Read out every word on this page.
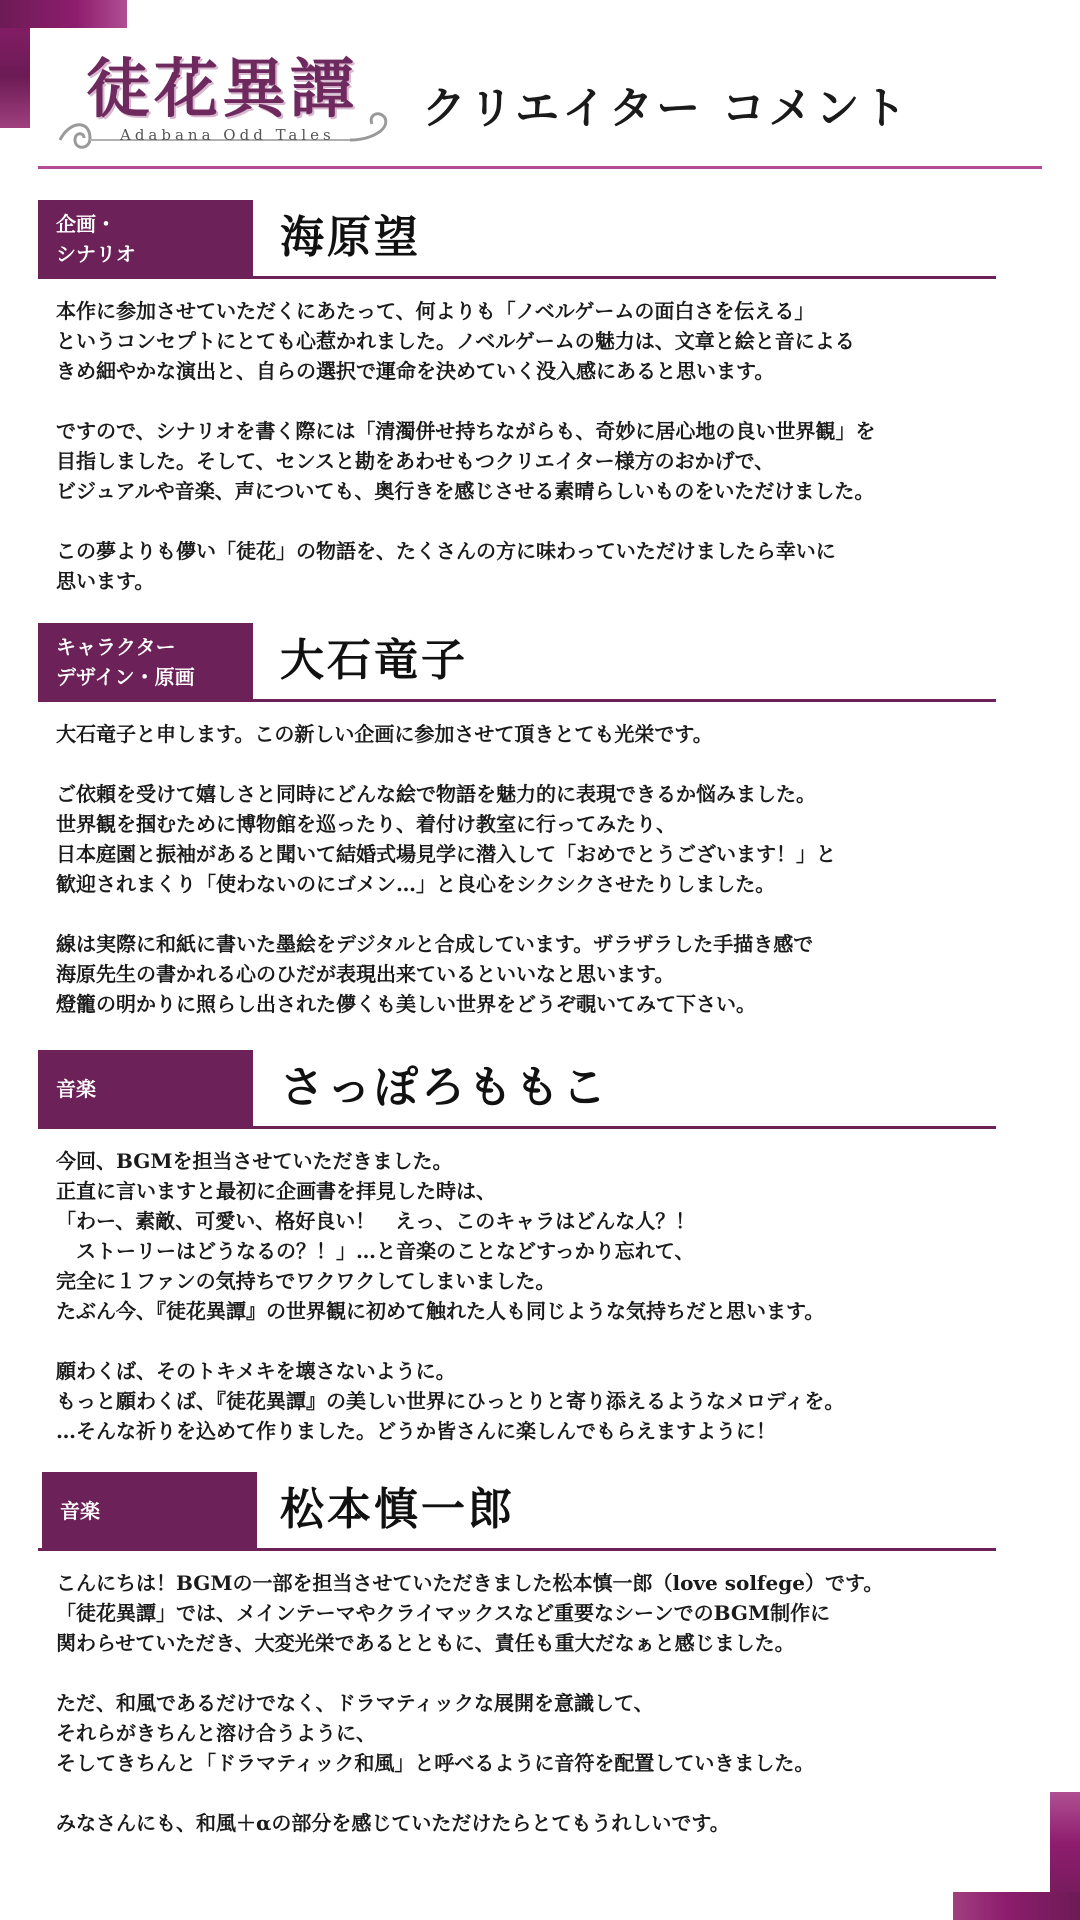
徒花異譚
Adabana Odd Tales
クリエイター コメント
企画・
シナリオ	海原望

本作に参加させていただくにあたって、何よりも「ノベルゲームの面白さを伝える」
というコンセプトにとても心惹かれました。ノベルゲームの魅力は、文章と絵と音による
きめ細やかな演出と、自らの選択で運命を決めていく没入感にあると思います。

ですので、シナリオを書く際には「清濁併せ持ちながらも、奇妙に居心地の良い世界観」を
目指しました。そして、センスと勘をあわせもつクリエイター様方のおかげで、
ビジュアルや音楽、声についても、奥行きを感じさせる素晴らしいものをいただけました。

この夢よりも儚い「徒花」の物語を、たくさんの方に味わっていただけましたら幸いに
思います。

キャラクター
デザイン・原画	大石竜子

大石竜子と申します。この新しい企画に参加させて頂きとても光栄です。

ご依頼を受けて嬉しさと同時にどんな絵で物語を魅力的に表現できるか悩みました。
世界観を掴むために博物館を巡ったり、着付け教室に行ってみたり、
日本庭園と振袖があると聞いて結婚式場見学に潜入して「おめでとうございます！」と
歓迎されまくり「使わないのにゴメン…」と良心をシクシクさせたりしました。

線は実際に和紙に書いた墨絵をデジタルと合成しています。ザラザラした手描き感で
海原先生の書かれる心のひだが表現出来ているといいなと思います。
燈籠の明かりに照らし出された儚くも美しい世界をどうぞ覗いてみて下さい。

音楽	さっぽろももこ

今回、BGMを担当させていただきました。
正直に言いますと最初に企画書を拝見した時は、
「わー、素敵、可愛い、格好良い！　えっ、このキャラはどんな人？！
　ストーリーはどうなるの？！」…と音楽のことなどすっかり忘れて、
完全に１ファンの気持ちでワクワクしてしまいました。
たぶん今、『徒花異譚』の世界観に初めて触れた人も同じような気持ちだと思います。

願わくば、そのトキメキを壊さないように。
もっと願わくば、『徒花異譚』の美しい世界にひっとりと寄り添えるようなメロディを。
…そんな祈りを込めて作りました。どうか皆さんに楽しんでもらえますように！

音楽	松本慎一郎

こんにちは！BGMの一部を担当させていただきました松本慎一郎（love solfege）です。
「徒花異譚」では、メインテーマやクライマックスなど重要なシーンでのBGM制作に
関わらせていただき、大変光栄であるとともに、責任も重大だなぁと感じました。

ただ、和風であるだけでなく、ドラマティックな展開を意識して、
それらがきちんと溶け合うように、
そしてきちんと「ドラマティック和風」と呼べるように音符を配置していきました。

みなさんにも、和風＋αの部分を感じていただけたらとてもうれしいです。
